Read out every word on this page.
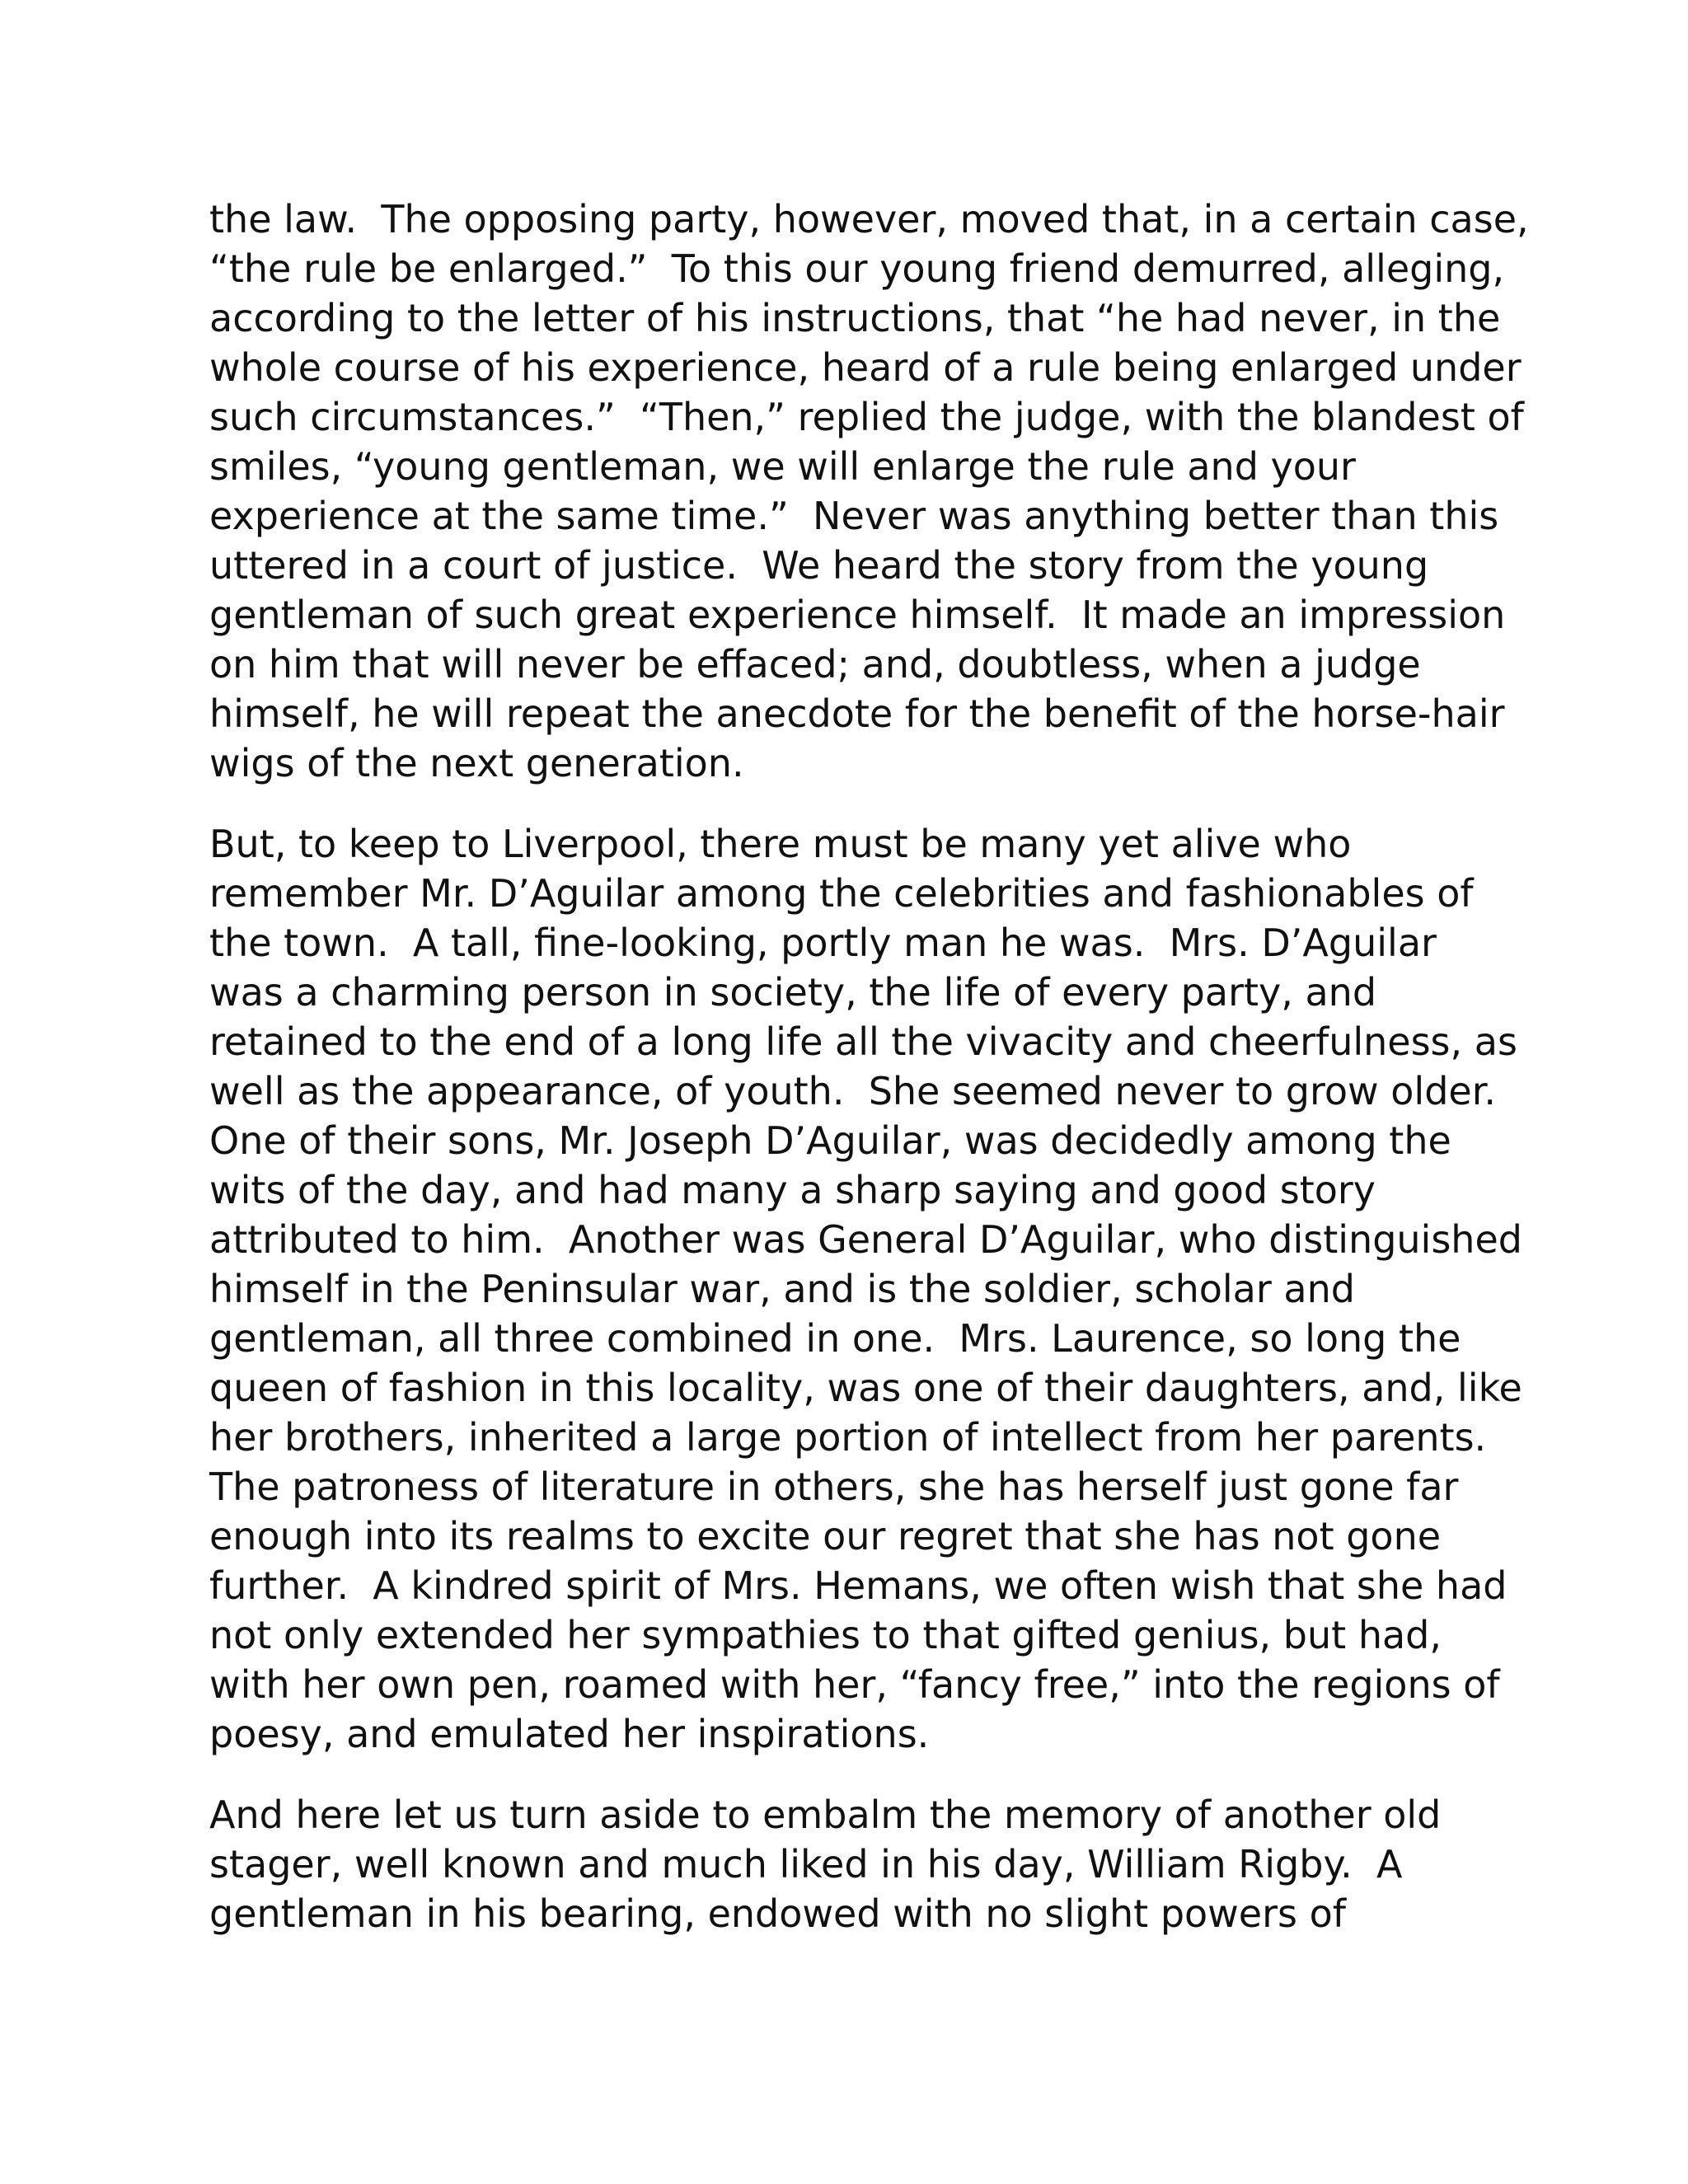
the law.  The opposing party, however, moved that, in a certain case,
“the rule be enlarged.”  To this our young friend demurred, alleging,
according to the letter of his instructions, that “he had never, in the
whole course of his experience, heard of a rule being enlarged under
such circumstances.”  “Then,” replied the judge, with the blandest of
smiles, “young gentleman, we will enlarge the rule and your
experience at the same time.”  Never was anything better than this
uttered in a court of justice.  We heard the story from the young
gentleman of such great experience himself.  It made an impression
on him that will never be effaced; and, doubtless, when a judge
himself, he will repeat the anecdote for the benefit of the horse-hair
wigs of the next generation.

But, to keep to Liverpool, there must be many yet alive who
remember Mr. D’Aguilar among the celebrities and fashionables of
the town.  A tall, fine-looking, portly man he was.  Mrs. D’Aguilar
was a charming person in society, the life of every party, and
retained to the end of a long life all the vivacity and cheerfulness, as
well as the appearance, of youth.  She seemed never to grow older.
One of their sons, Mr. Joseph D’Aguilar, was decidedly among the
wits of the day, and had many a sharp saying and good story
attributed to him.  Another was General D’Aguilar, who distinguished
himself in the Peninsular war, and is the soldier, scholar and
gentleman, all three combined in one.  Mrs. Laurence, so long the
queen of fashion in this locality, was one of their daughters, and, like
her brothers, inherited a large portion of intellect from her parents.
The patroness of literature in others, she has herself just gone far
enough into its realms to excite our regret that she has not gone
further.  A kindred spirit of Mrs. Hemans, we often wish that she had
not only extended her sympathies to that gifted genius, but had,
with her own pen, roamed with her, “fancy free,” into the regions of
poesy, and emulated her inspirations.

And here let us turn aside to embalm the memory of another old
stager, well known and much liked in his day, William Rigby.  A
gentleman in his bearing, endowed with no slight powers of
